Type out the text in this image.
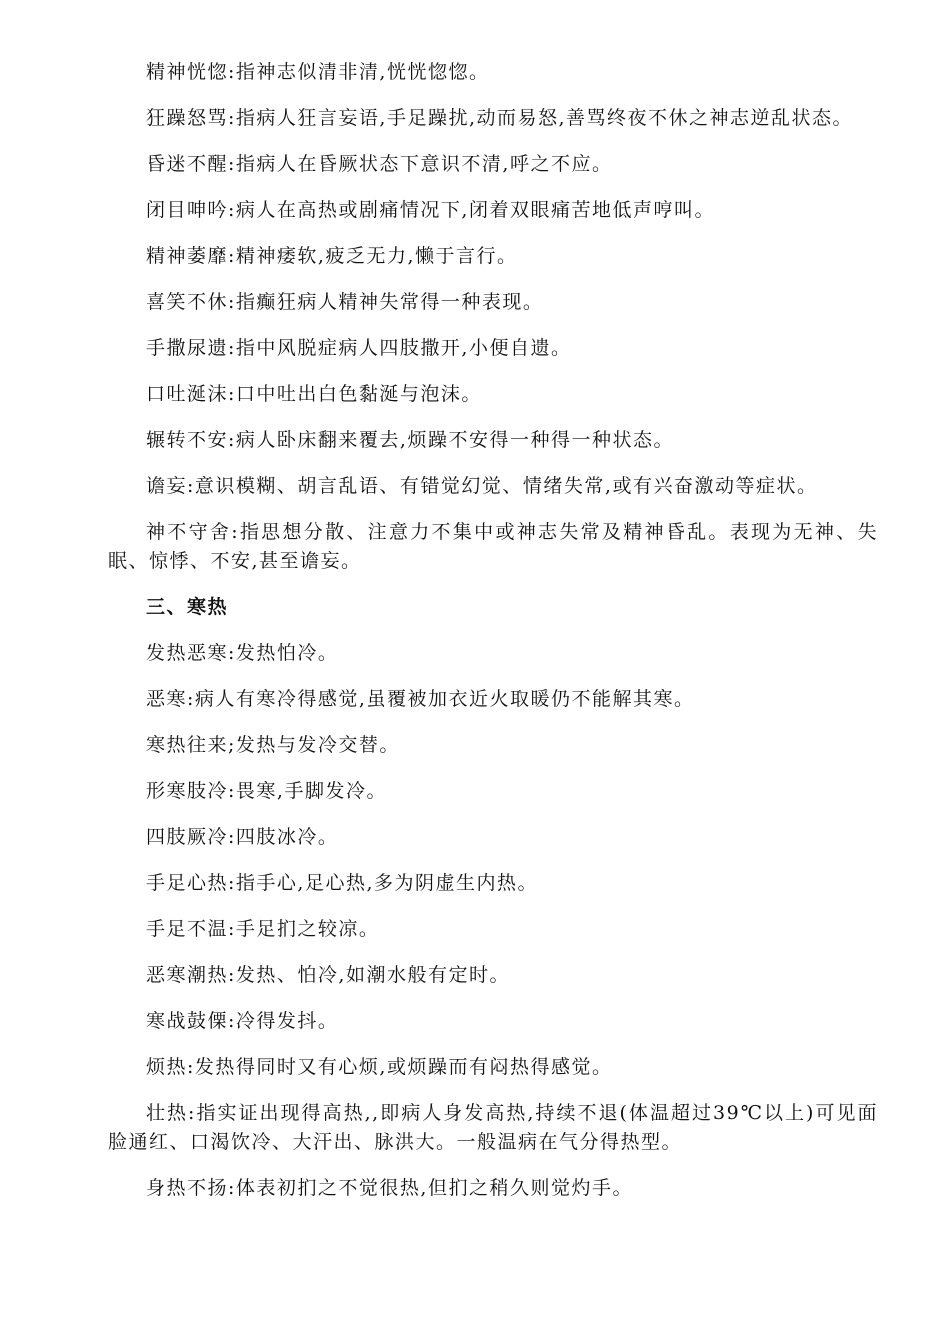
精神恍惚:指神志似清非清,恍恍惚惚。

狂躁怒骂:指病人狂言妄语,手足躁扰,动而易怒,善骂终夜不休之神志逆乱状态。

昏迷不醒:指病人在昏厥状态下意识不清,呼之不应。

闭目呻吟:病人在高热或剧痛情况下,闭着双眼痛苦地低声哼叫。

精神萎靡:精神痿软,疲乏无力,懒于言行。

喜笑不休:指癫狂病人精神失常得一种表现。

手撒尿遗:指中风脱症病人四肢撒开,小便自遗。

口吐涎沫:口中吐出白色黏涎与泡沫。

辗转不安:病人卧床翻来覆去,烦躁不安得一种得一种状态。

谵妄:意识模糊、胡言乱语、有错觉幻觉、情绪失常,或有兴奋激动等症状。

神不守舍:指思想分散、注意力不集中或神志失常及精神昏乱。表现为无神、失眠、惊悸、不安,甚至谵妄。

三、寒热

发热恶寒:发热怕冷。

恶寒:病人有寒冷得感觉,虽覆被加衣近火取暖仍不能解其寒。

寒热往来;发热与发冷交替。

形寒肢冷:畏寒,手脚发冷。

四肢厥冷:四肢冰冷。

手足心热:指手心,足心热,多为阴虚生内热。

手足不温:手足扪之较凉。

恶寒潮热:发热、怕冷,如潮水般有定时。

寒战鼓傈:冷得发抖。

烦热:发热得同时又有心烦,或烦躁而有闷热得感觉。

壮热:指实证出现得高热,,即病人身发高热,持续不退(体温超过39℃以上)可见面脸通红、口渴饮冷、大汗出、脉洪大。一般温病在气分得热型。

身热不扬:体表初扪之不觉很热,但扪之稍久则觉灼手。
